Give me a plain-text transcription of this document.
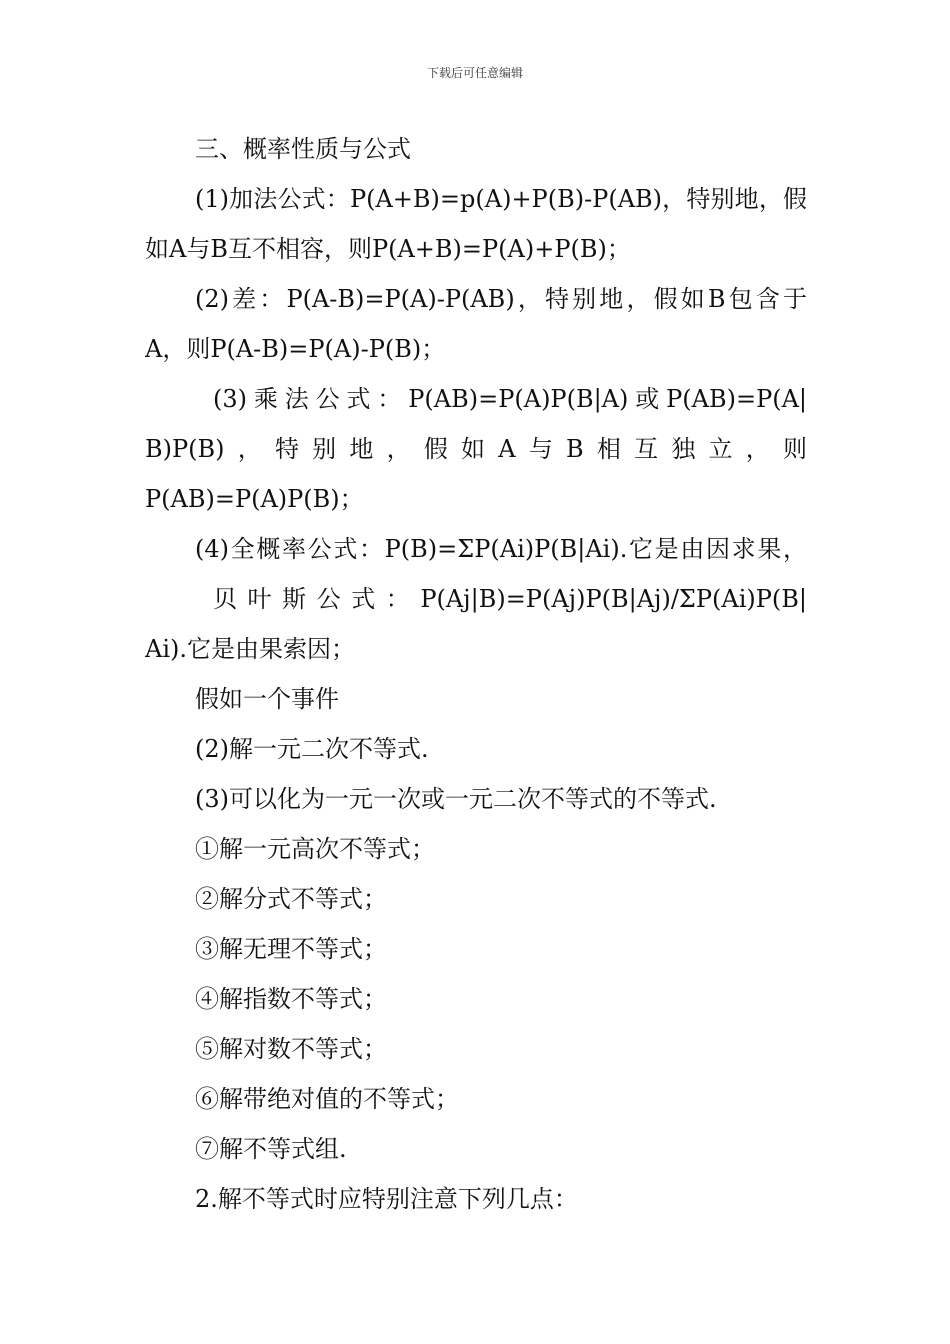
下载后可任意编辑
三、概率性质与公式
(1)加法公式：P(A+B)=p(A)+P(B)-P(AB)，特别地，假
如A与B互不相容，则P(A+B)=P(A)+P(B)；
(2)差：P(A-B)=P(A)-P(AB)，特别地，假如B包含于
A，则P(A-B)=P(A)-P(B)；
(3)乘法公式：P(AB)=P(A)P(B|A)或P(AB)=P(A|
B)P(B)，特别地，假如A与B相互独立，则
P(AB)=P(A)P(B)；
(4)全概率公式：P(B)=ΣP(Ai)P(B|Ai).它是由因求果，
贝叶斯公式：P(Aj|B)=P(Aj)P(B|Aj)/ΣP(Ai)P(B|
Ai).它是由果索因；
假如一个事件
(2)解一元二次不等式.
(3)可以化为一元一次或一元二次不等式的不等式.
①解一元高次不等式；
②解分式不等式；
③解无理不等式；
④解指数不等式；
⑤解对数不等式；
⑥解带绝对值的不等式；
⑦解不等式组.
2.解不等式时应特别注意下列几点：
